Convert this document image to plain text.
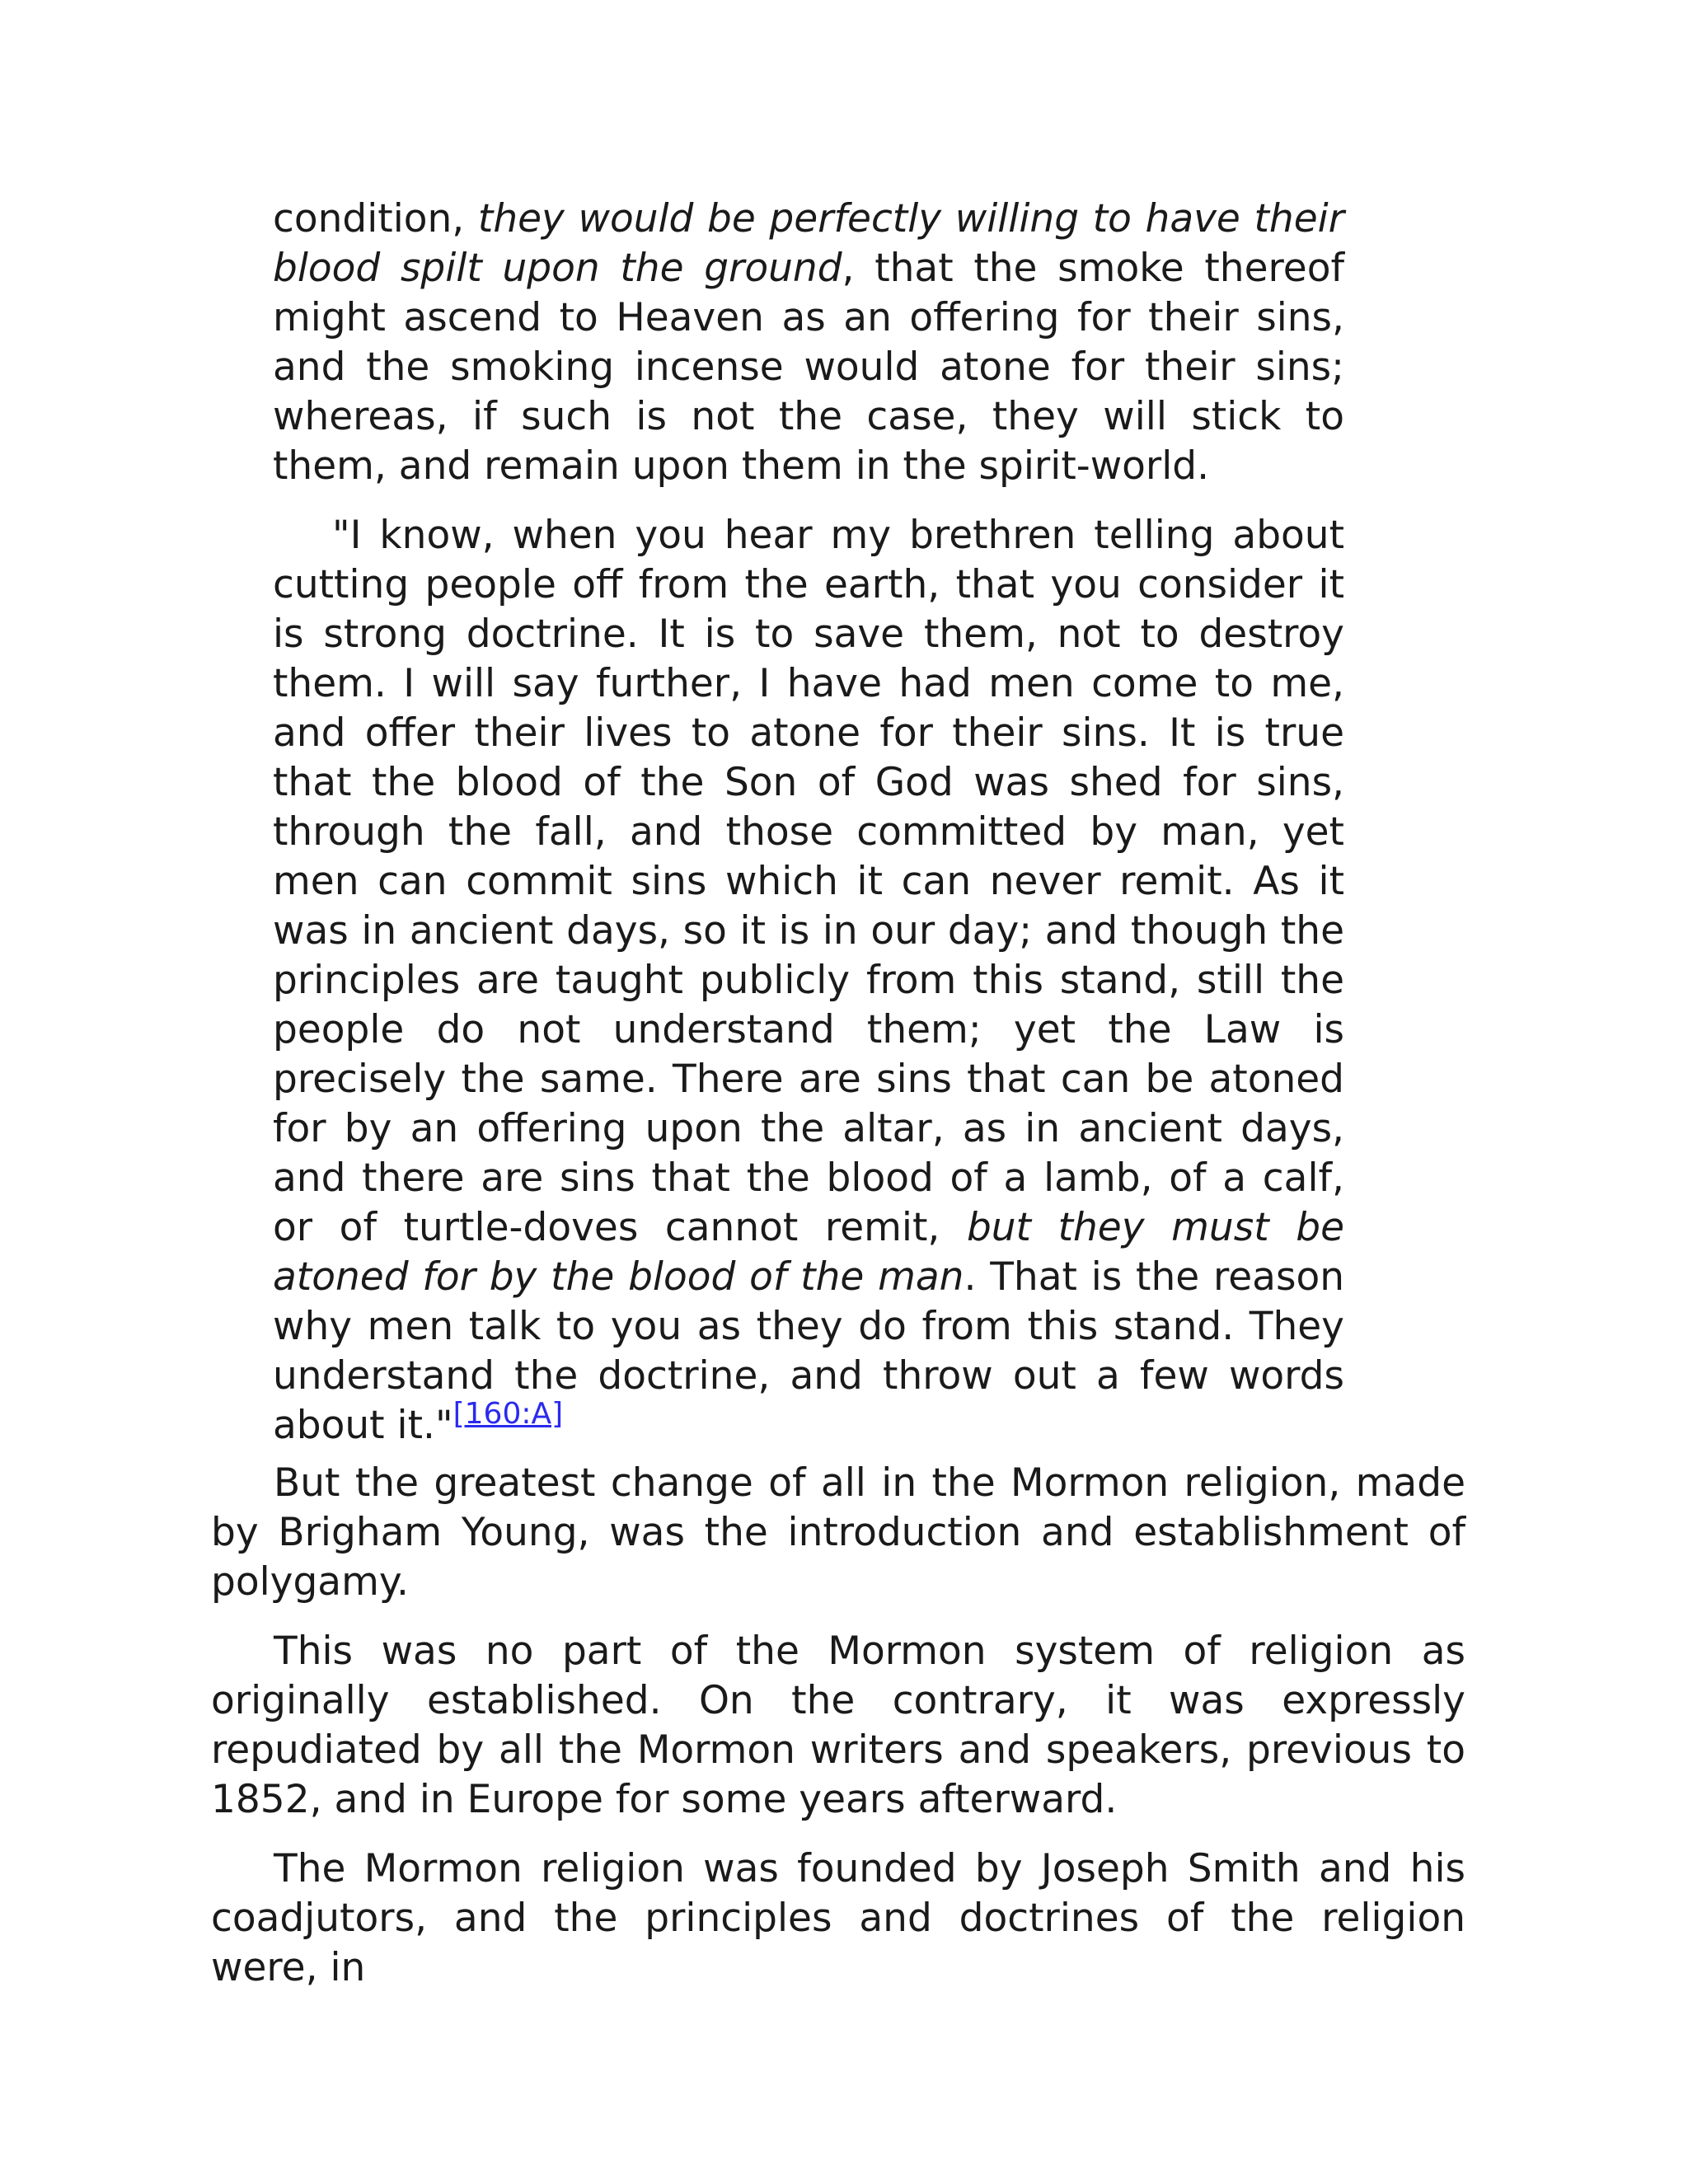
condition, they would be perfectly willing to have their blood spilt upon the ground, that the smoke thereof might ascend to Heaven as an offering for their sins, and the smoking incense would atone for their sins; whereas, if such is not the case, they will stick to them, and remain upon them in the spirit-world.

"I know, when you hear my brethren telling about cutting people off from the earth, that you consider it is strong doctrine. It is to save them, not to destroy them. I will say further, I have had men come to me, and offer their lives to atone for their sins. It is true that the blood of the Son of God was shed for sins, through the fall, and those committed by man, yet men can commit sins which it can never remit. As it was in ancient days, so it is in our day; and though the principles are taught publicly from this stand, still the people do not understand them; yet the Law is precisely the same. There are sins that can be atoned for by an offering upon the altar, as in ancient days, and there are sins that the blood of a lamb, of a calf, or of turtle-doves cannot remit, but they must be atoned for by the blood of the man. That is the reason why men talk to you as they do from this stand. They understand the doctrine, and throw out a few words about it."[160:A]

But the greatest change of all in the Mormon religion, made by Brigham Young, was the introduction and establishment of polygamy.

This was no part of the Mormon system of religion as originally established. On the contrary, it was expressly repudiated by all the Mormon writers and speakers, previous to 1852, and in Europe for some years afterward.

The Mormon religion was founded by Joseph Smith and his coadjutors, and the principles and doctrines of the religion were, in
